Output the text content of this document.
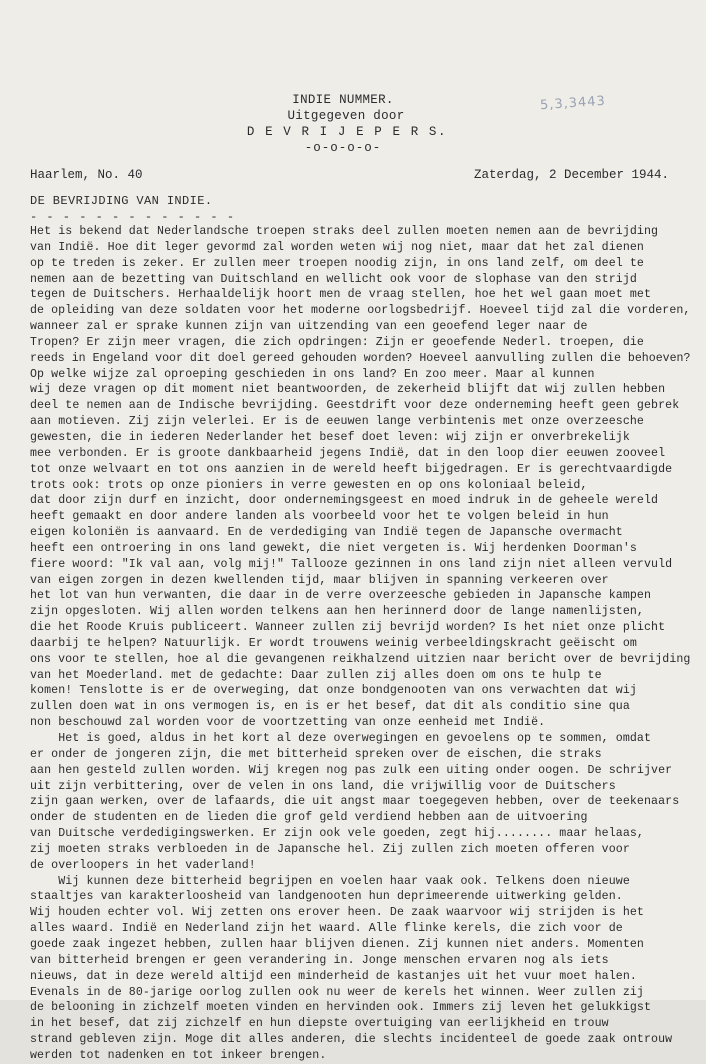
INDIE NUMMER.
Uitgegeven door
D E V R I J E P E R S.
-o-o-o-o-
5,3,3443
Haarlem, No. 40	Zaterdag, 2 December 1944.
DE BEVRIJDING VAN INDIE.
- - - - - - - - - - - - -
Het is bekend dat Nederlandsche troepen straks deel zullen moeten nemen aan de bevrijding
van Indië. Hoe dit leger gevormd zal worden weten wij nog niet, maar dat het zal dienen
op te treden is zeker. Er zullen meer troepen noodig zijn, in ons land zelf, om deel te
nemen aan de bezetting van Duitschland en wellicht ook voor de slophase van den strijd
tegen de Duitschers. Herhaaldelijk hoort men de vraag stellen, hoe het wel gaan moet met
de opleiding van deze soldaten voor het moderne oorlogsbedrijf. Hoeveel tijd zal die vorderen,
wanneer zal er sprake kunnen zijn van uitzending van een geoefend leger naar de
Tropen? Er zijn meer vragen, die zich opdringen: Zijn er geoefende Nederl. troepen, die
reeds in Engeland voor dit doel gereed gehouden worden? Hoeveel aanvulling zullen die behoeven?
Op welke wijze zal oproeping geschieden in ons land? En zoo meer. Maar al kunnen
wij deze vragen op dit moment niet beantwoorden, de zekerheid blijft dat wij zullen hebben
deel te nemen aan de Indische bevrijding. Geestdrift voor deze onderneming heeft geen gebrek
aan motieven. Zij zijn velerlei. Er is de eeuwen lange verbintenis met onze overzeesche
gewesten, die in iederen Nederlander het besef doet leven: wij zijn er onverbrekelijk
mee verbonden. Er is groote dankbaarheid jegens Indië, dat in den loop dier eeuwen zooveel
tot onze welvaart en tot ons aanzien in de wereld heeft bijgedragen. Er is gerechtvaardigde
trots ook: trots op onze pioniers in verre gewesten en op ons koloniaal beleid,
dat door zijn durf en inzicht, door ondernemingsgeest en moed indruk in de geheele wereld
heeft gemaakt en door andere landen als voorbeeld voor het te volgen beleid in hun
eigen koloniën is aanvaard. En de verdediging van Indië tegen de Japansche overmacht
heeft een ontroering in ons land gewekt, die niet vergeten is. Wij herdenken Doorman's
fiere woord: "Ik val aan, volg mij!" Tallooze gezinnen in ons land zijn niet alleen vervuld
van eigen zorgen in dezen kwellenden tijd, maar blijven in spanning verkeeren over
het lot van hun verwanten, die daar in de verre overzeesche gebieden in Japansche kampen
zijn opgesloten. Wij allen worden telkens aan hen herinnerd door de lange namenlijsten,
die het Roode Kruis publiceert. Wanneer zullen zij bevrijd worden? Is het niet onze plicht
daarbij te helpen? Natuurlijk. Er wordt trouwens weinig verbeeldingskracht geëischt om
ons voor te stellen, hoe al die gevangenen reikhalzend uitzien naar bericht over de bevrijding
van het Moederland. met de gedachte: Daar zullen zij alles doen om ons te hulp te
komen! Tenslotte is er de overweging, dat onze bondgenooten van ons verwachten dat wij
zullen doen wat in ons vermogen is, en is er het besef, dat dit als conditio sine qua
non beschouwd zal worden voor de voortzetting van onze eenheid met Indië.
Het is goed, aldus in het kort al deze overwegingen en gevoelens op te sommen, omdat
er onder de jongeren zijn, die met bitterheid spreken over de eischen, die straks
aan hen gesteld zullen worden. Wij kregen nog pas zulk een uiting onder oogen. De schrijver
uit zijn verbittering, over de velen in ons land, die vrijwillig voor de Duitschers
zijn gaan werken, over de lafaards, die uit angst maar toegegeven hebben, over de teekenaars
onder de studenten en de lieden die grof geld verdiend hebben aan de uitvoering
van Duitsche verdedigingswerken. Er zijn ook vele goeden, zegt hij........ maar helaas,
zij moeten straks verbloeden in de Japansche hel. Zij zullen zich moeten offeren voor
de overloopers in het vaderland!
Wij kunnen deze bitterheid begrijpen en voelen haar vaak ook. Telkens doen nieuwe
staaltjes van karakterloosheid van landgenooten hun deprimeerende uitwerking gelden.
Wij houden echter vol. Wij zetten ons erover heen. De zaak waarvoor wij strijden is het
alles waard. Indië en Nederland zijn het waard. Alle flinke kerels, die zich voor de
goede zaak ingezet hebben, zullen haar blijven dienen. Zij kunnen niet anders. Momenten
van bitterheid brengen er geen verandering in. Jonge menschen ervaren nog als iets
nieuws, dat in deze wereld altijd een minderheid de kastanjes uit het vuur moet halen.
Evenals in de 80-jarige oorlog zullen ook nu weer de kerels het winnen. Weer zullen zij
de belooning in zichzelf moeten vinden en hervinden ook. Immers zij leven het gelukkigst
in het besef, dat zij zichzelf en hun diepste overtuiging van eerlijkheid en trouw
strand gebleven zijn. Moge dit alles anderen, die slechts incidenteel de goede zaak ontrouw
werden tot nadenken en tot inkeer brengen.
